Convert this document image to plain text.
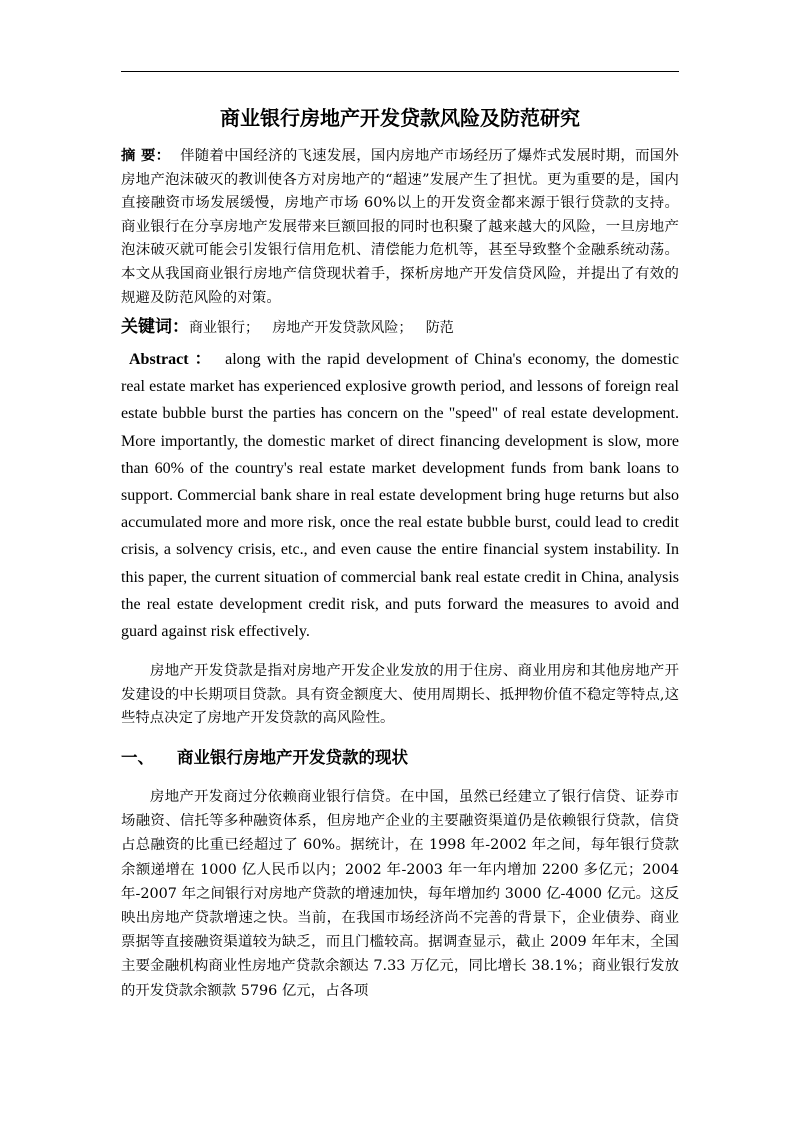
商业银行房地产开发贷款风险及防范研究
摘 要： 伴随着中国经济的飞速发展，国内房地产市场经历了爆炸式发展时期，而国外房地产泡沫破灭的教训使各方对房地产的“超速”发展产生了担忧。更为重要的是，国内直接融资市场发展缓慢，房地产市场 60%以上的开发资金都来源于银行贷款的支持。商业银行在分享房地产发展带来巨额回报的同时也积聚了越来越大的风险，一旦房地产泡沫破灭就可能会引发银行信用危机、清偿能力危机等，甚至导致整个金融系统动荡。本文从我国商业银行房地产信贷现状着手，探析房地产开发信贷风险，并提出了有效的规避及防范风险的对策。
关键词：商业银行；   房地产开发贷款风险；   防范
Abstract ： along with the rapid development of China's economy, the domestic real estate market has experienced explosive growth period, and lessons of foreign real estate bubble burst the parties has concern on the "speed" of real estate development. More importantly, the domestic market of direct financing development is slow, more than 60% of the country's real estate market development funds from bank loans to support. Commercial bank share in real estate development bring huge returns but also accumulated more and more risk, once the real estate bubble burst, could lead to credit crisis, a solvency crisis, etc., and even cause the entire financial system instability. In this paper, the current situation of commercial bank real estate credit in China, analysis the real estate development credit risk, and puts forward the measures to avoid and guard against risk effectively.
房地产开发贷款是指对房地产开发企业发放的用于住房、商业用房和其他房地产开发建设的中长期项目贷款。具有资金额度大、使用周期长、抵押物价值不稳定等特点,这些特点决定了房地产开发贷款的高风险性。
一、 商业银行房地产开发贷款的现状
房地产开发商过分依赖商业银行信贷。在中国，虽然已经建立了银行信贷、证券市场融资、信托等多种融资体系，但房地产企业的主要融资渠道仍是依赖银行贷款，信贷占总融资的比重已经超过了 60%。据统计，在 1998 年-2002 年之间，每年银行贷款余额递增在 1000 亿人民币以内；2002 年-2003 年一年内增加 2200 多亿元；2004 年-2007 年之间银行对房地产贷款的增速加快，每年增加约 3000 亿-4000 亿元。这反映出房地产贷款增速之快。当前，在我国市场经济尚不完善的背景下，企业债券、商业票据等直接融资渠道较为缺乏，而且门槛较高。据调查显示，截止 2009 年年末，全国主要金融机构商业性房地产贷款余额达 7.33 万亿元，同比增长 38.1%；商业银行发放的开发贷款余额款 5796 亿元，占各项
